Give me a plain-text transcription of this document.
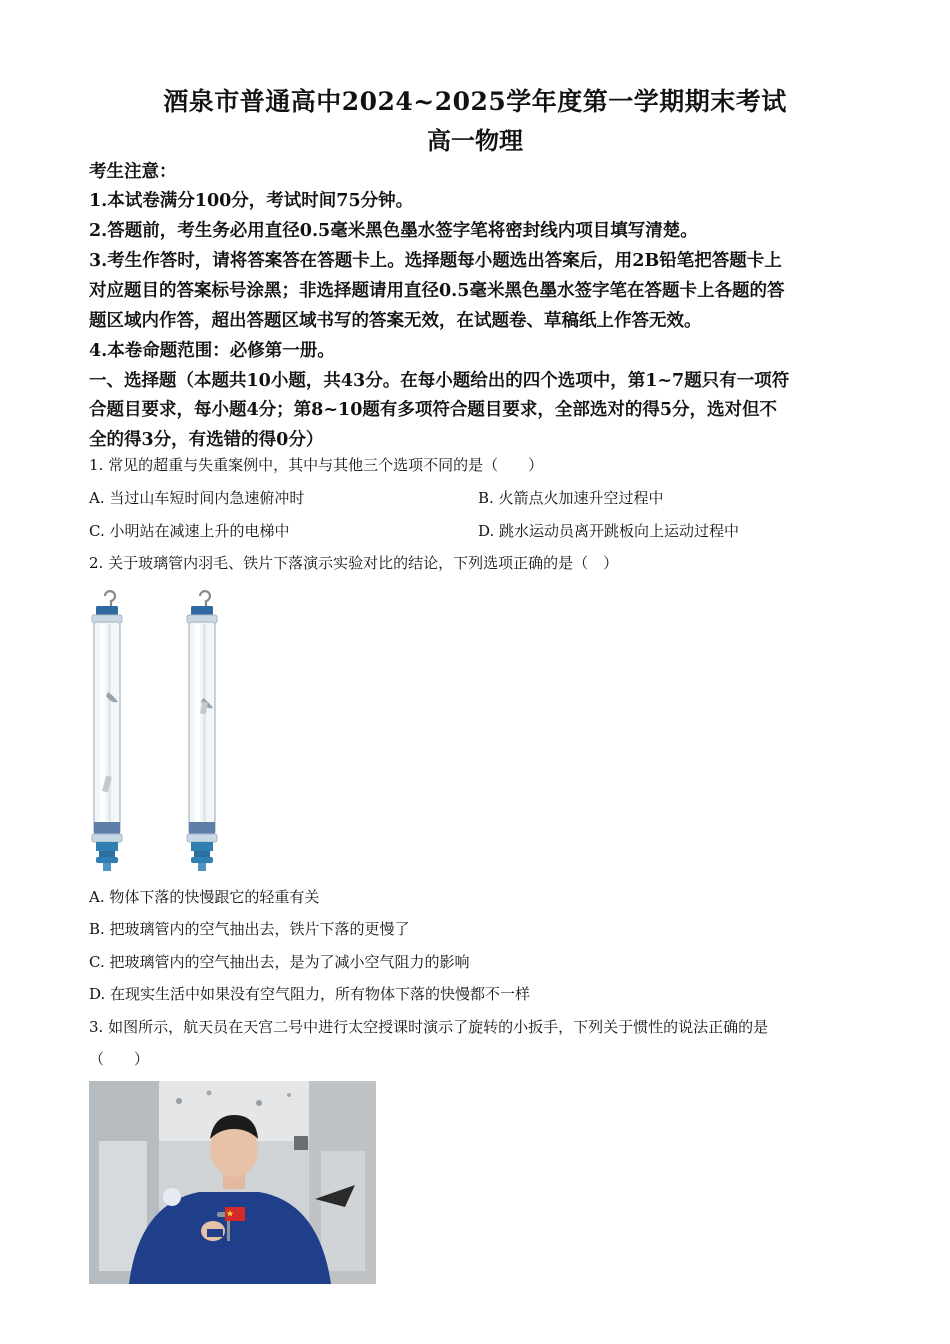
酒泉市普通高中2024~2025学年度第一学期期末考试
高一物理
考生注意：
1.本试卷满分100分，考试时间75分钟。
2.答题前，考生务必用直径0.5毫米黑色墨水签字笔将密封线内项目填写清楚。
3.考生作答时，请将答案答在答题卡上。选择题每小题选出答案后，用2B铅笔把答题卡上
对应题目的答案标号涂黑；非选择题请用直径0.5毫米黑色墨水签字笔在答题卡上各题的答
题区域内作答，超出答题区域书写的答案无效，在试题卷、草稿纸上作答无效。
4.本卷命题范围：必修第一册。
一、选择题（本题共10小题，共43分。在每小题给出的四个选项中，第1~7题只有一项符
合题目要求，每小题4分；第8~10题有多项符合题目要求，全部选对的得5分，选对但不
全的得3分，有选错的得0分）
1. 常见的超重与失重案例中，其中与其他三个选项不同的是（　　）
A. 当过山车短时间内急速俯冲时	B. 火箭点火加速升空过程中
C. 小明站在减速上升的电梯中	D. 跳水运动员离开跳板向上运动过程中
2. 关于玻璃管内羽毛、铁片下落演示实验对比的结论，下列选项正确的是（　）
A. 物体下落的快慢跟它的轻重有关
B. 把玻璃管内的空气抽出去，铁片下落的更慢了
C. 把玻璃管内的空气抽出去，是为了减小空气阻力的影响
D. 在现实生活中如果没有空气阻力，所有物体下落的快慢都不一样
3. 如图所示，航天员在天宫二号中进行太空授课时演示了旋转的小扳手，下列关于惯性的说法正确的是
（　　）
